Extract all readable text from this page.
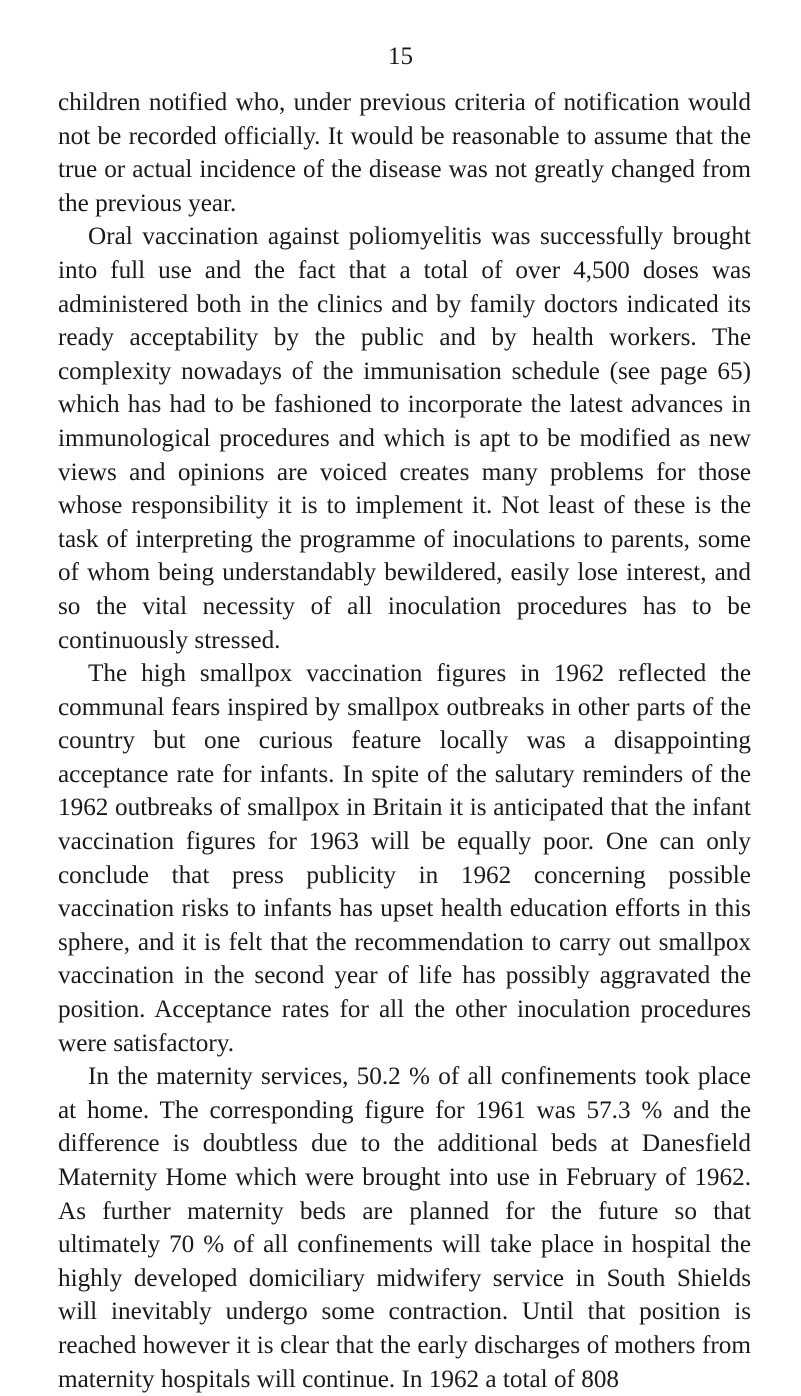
15

children notified who, under previous criteria of notification would not be recorded officially. It would be reasonable to assume that the true or actual incidence of the disease was not greatly changed from the previous year.

Oral vaccination against poliomyelitis was successfully brought into full use and the fact that a total of over 4,500 doses was administered both in the clinics and by family doctors indicated its ready acceptability by the public and by health workers. The complexity nowadays of the immunisation schedule (see page 65) which has had to be fashioned to incorporate the latest advances in immunological procedures and which is apt to be modified as new views and opinions are voiced creates many problems for those whose responsibility it is to implement it. Not least of these is the task of interpreting the programme of inoculations to parents, some of whom being understandably bewildered, easily lose interest, and so the vital necessity of all inoculation procedures has to be continuously stressed.

The high smallpox vaccination figures in 1962 reflected the communal fears inspired by smallpox outbreaks in other parts of the country but one curious feature locally was a disappointing acceptance rate for infants. In spite of the salutary reminders of the 1962 outbreaks of smallpox in Britain it is anticipated that the infant vaccination figures for 1963 will be equally poor. One can only conclude that press publicity in 1962 concerning possible vaccination risks to infants has upset health education efforts in this sphere, and it is felt that the recommendation to carry out smallpox vaccination in the second year of life has possibly aggravated the position. Acceptance rates for all the other inoculation procedures were satisfactory.

In the maternity services, 50.2 % of all confinements took place at home. The corresponding figure for 1961 was 57.3 % and the difference is doubtless due to the additional beds at Danesfield Maternity Home which were brought into use in February of 1962. As further maternity beds are planned for the future so that ultimately 70 % of all confinements will take place in hospital the highly developed domiciliary midwifery service in South Shields will inevitably undergo some contraction. Until that position is reached however it is clear that the early discharges of mothers from maternity hospitals will continue. In 1962 a total of 808
